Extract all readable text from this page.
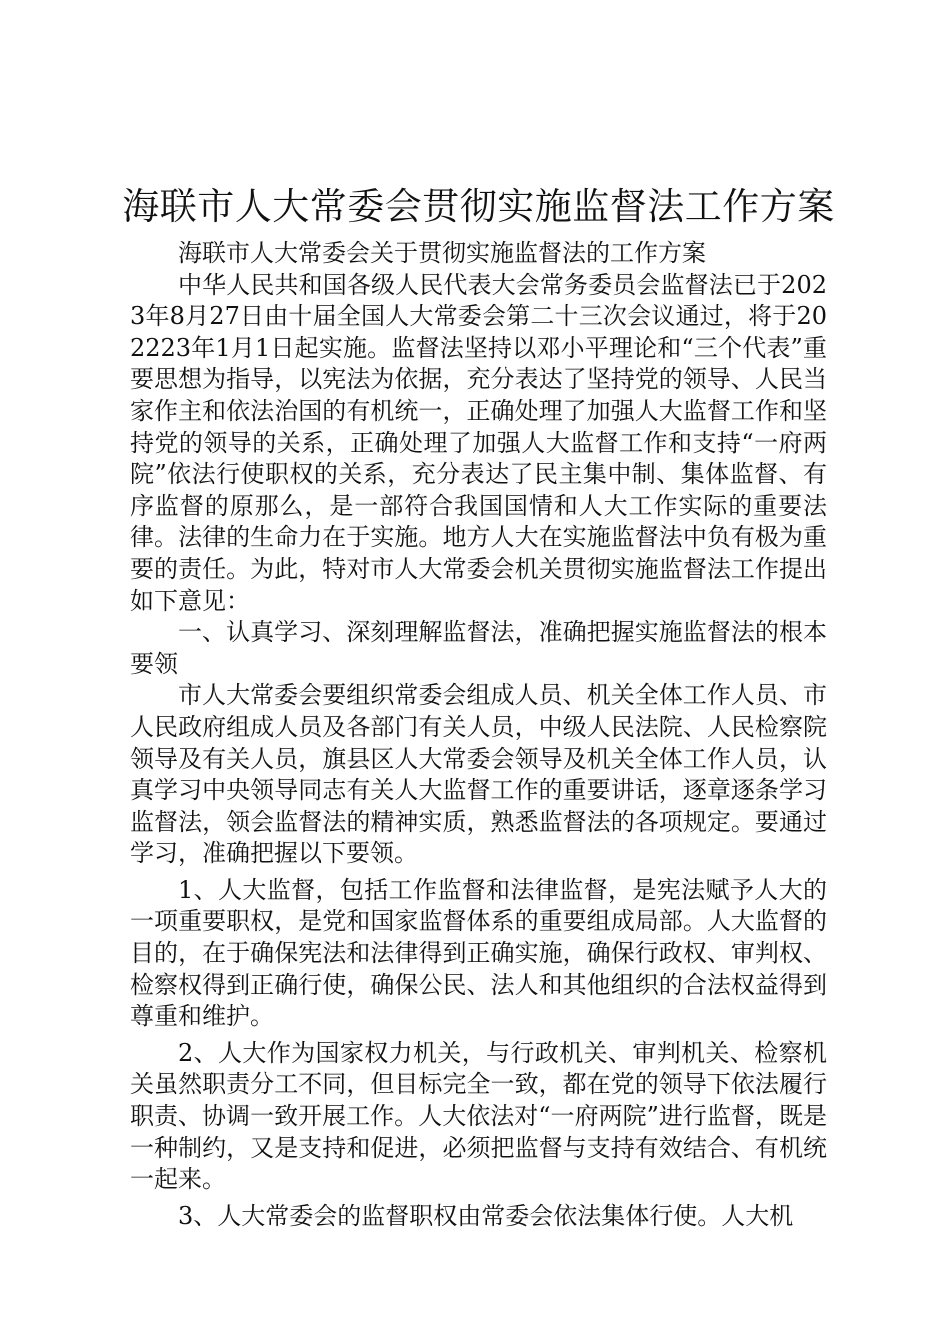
海联市人大常委会贯彻实施监督法工作方案

海联市人大常委会关于贯彻实施监督法的工作方案

中华人民共和国各级人民代表大会常务委员会监督法已于2023年8月27日由十届全国人大常委会第二十三次会议通过，将于202223年1月1日起实施。监督法坚持以邓小平理论和“三个代表”重要思想为指导，以宪法为依据，充分表达了坚持党的领导、人民当家作主和依法治国的有机统一，正确处理了加强人大监督工作和坚持党的领导的关系，正确处理了加强人大监督工作和支持“一府两院”依法行使职权的关系，充分表达了民主集中制、集体监督、有序监督的原那么，是一部符合我国国情和人大工作实际的重要法律。法律的生命力在于实施。地方人大在实施监督法中负有极为重要的责任。为此，特对市人大常委会机关贯彻实施监督法工作提出如下意见：

一、认真学习、深刻理解监督法，准确把握实施监督法的根本要领

市人大常委会要组织常委会组成人员、机关全体工作人员、市人民政府组成人员及各部门有关人员，中级人民法院、人民检察院领导及有关人员，旗县区人大常委会领导及机关全体工作人员，认真学习中央领导同志有关人大监督工作的重要讲话，逐章逐条学习监督法，领会监督法的精神实质，熟悉监督法的各项规定。要通过学习，准确把握以下要领。

1、人大监督，包括工作监督和法律监督，是宪法赋予人大的一项重要职权，是党和国家监督体系的重要组成局部。人大监督的目的，在于确保宪法和法律得到正确实施，确保行政权、审判权、检察权得到正确行使，确保公民、法人和其他组织的合法权益得到尊重和维护。

2、人大作为国家权力机关，与行政机关、审判机关、检察机关虽然职责分工不同，但目标完全一致，都在党的领导下依法履行职责、协调一致开展工作。人大依法对“一府两院”进行监督，既是一种制约，又是支持和促进，必须把监督与支持有效结合、有机统一起来。

3、人大常委会的监督职权由常委会依法集体行使。人大机
